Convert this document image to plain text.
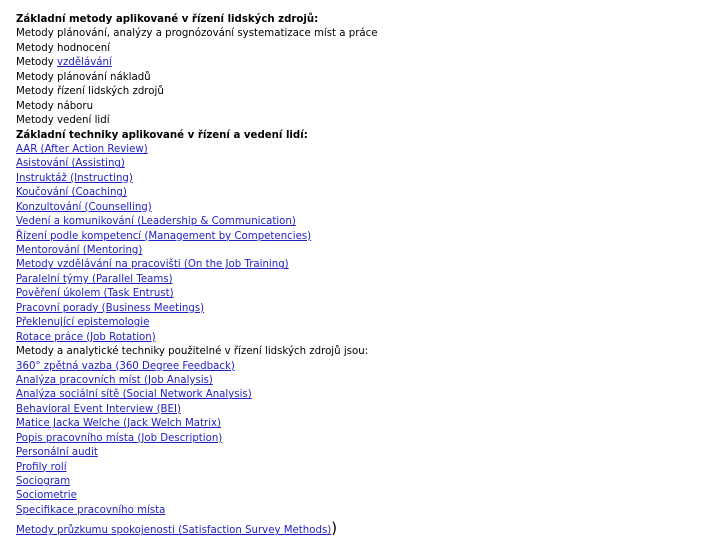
Základní metody aplikované v řízení lidských zdrojů:
Metody plánování, analýzy a prognózování systematizace míst a práce
Metody hodnocení
Metody vzdělávání
Metody plánování nákladů
Metody řízení lidských zdrojů
Metody náboru
Metody vedení lidí
Základní techniky aplikované v řízení a vedení lidí:
AAR (After Action Review)
Asistování (Assisting)
Instruktáž (Instructing)
Koučování (Coaching)
Konzultování (Counselling)
Vedení a komunikování (Leadership & Communication)
Řízení podle kompetencí (Management by Competencies)
Mentorování (Mentoring)
Metody vzdělávání na pracovišti (On the Job Training)
Paralelní týmy (Parallel Teams)
Pověření úkolem (Task Entrust)
Pracovní porady (Business Meetings)
Překlenující epistemologie
Rotace práce (Job Rotation)
Metody a analytické techniky použitelné v řízení lidských zdrojů jsou:
360° zpětná vazba (360 Degree Feedback)
Analýza pracovních míst (Job Analysis)
Analýza sociální sítě (Social Network Analysis)
Behavioral Event Interview (BEI)
Matice Jacka Welche (Jack Welch Matrix)
Popis pracovního místa (Job Description)
Personální audit
Profily rolí
Sociogram
Sociometrie
Specifikace pracovního místa
Metody průzkumu spokojenosti (Satisfaction Survey Methods))
